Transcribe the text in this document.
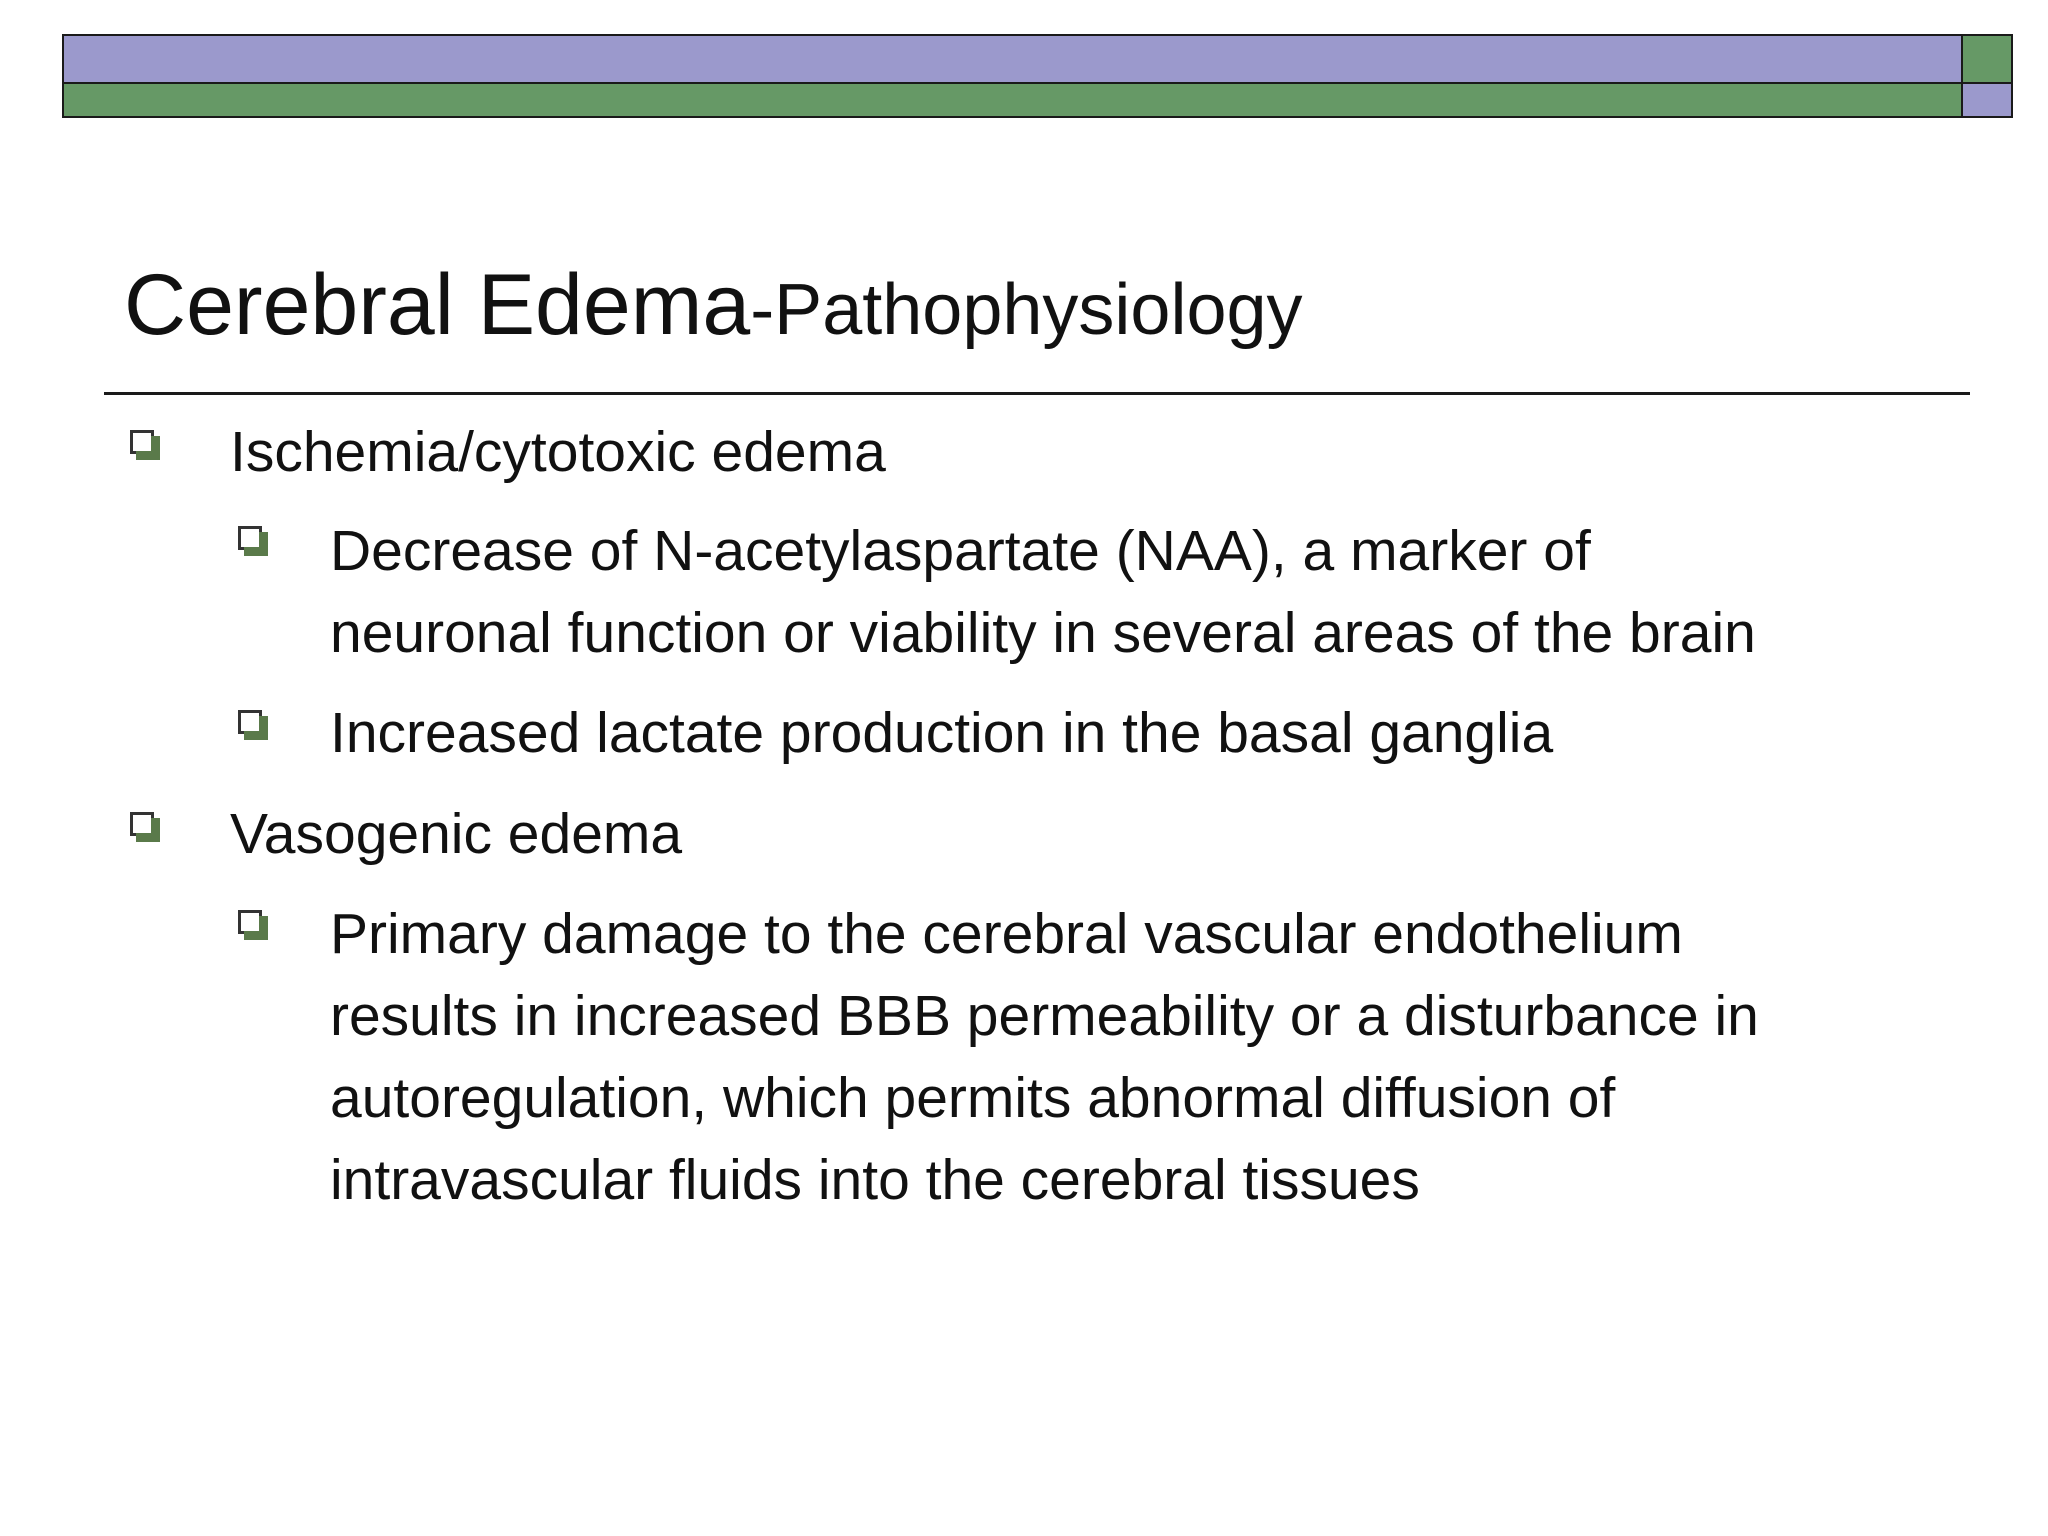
Cerebral Edema-Pathophysiology
Ischemia/cytotoxic edema
Decrease of N-acetylaspartate (NAA), a marker of
neuronal function or viability in several areas of the brain
Increased lactate production in the basal ganglia
Vasogenic edema
Primary damage to the cerebral vascular endothelium
results in increased BBB permeability or a disturbance in
autoregulation, which permits abnormal diffusion of
intravascular fluids into the cerebral tissues
